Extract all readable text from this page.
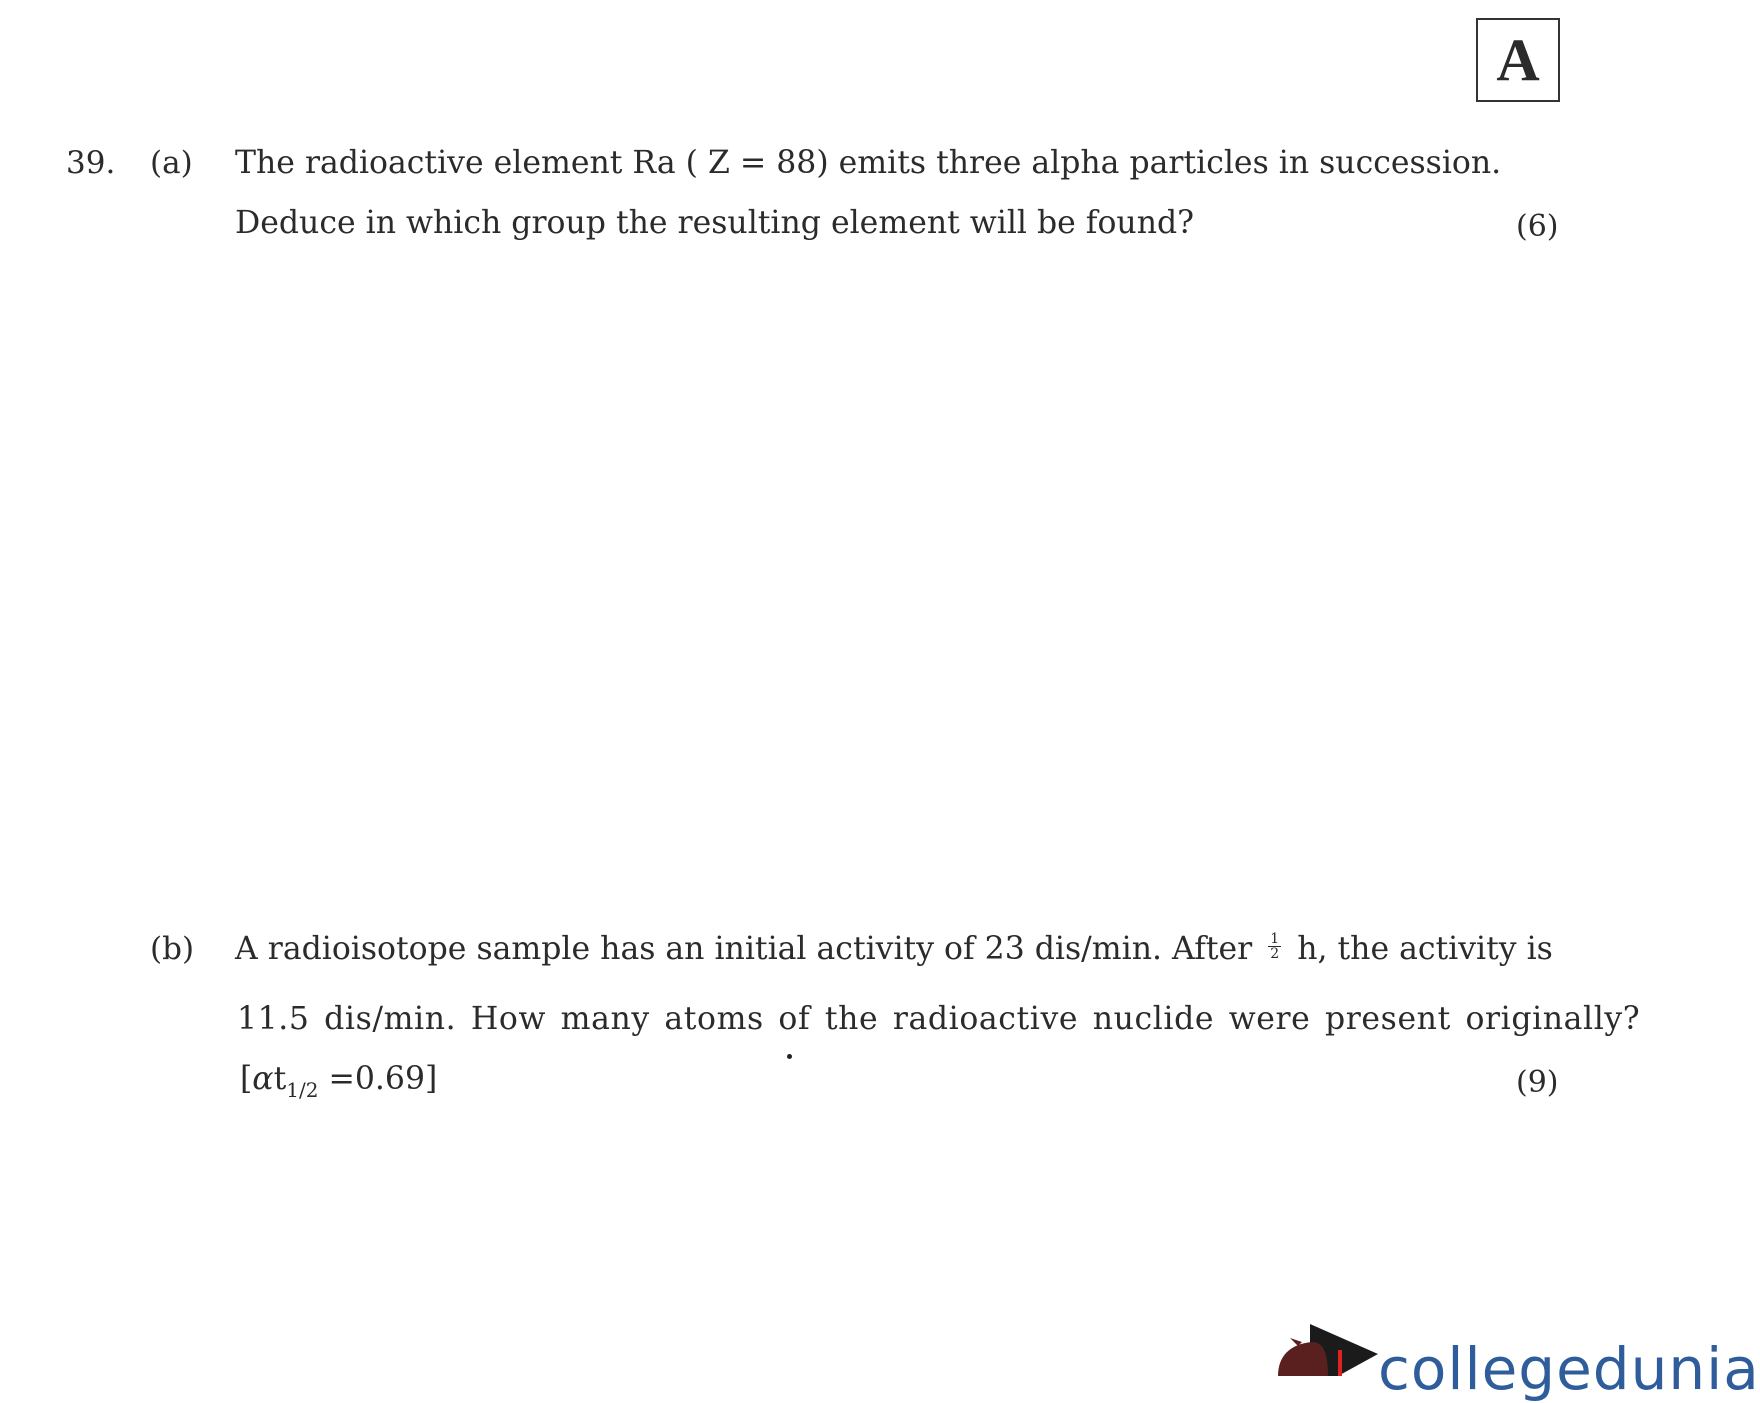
A
39. (a) The radioactive element Ra ( Z = 88) emits three alpha particles in succession.
Deduce in which group the resulting element will be found?	(6)
(b) A radioisotope sample has an initial activity of 23 dis/min. After $\frac{1}{2} h$, the activity is
11.5 dis/min. How many atoms of the radioactive nuclide were present originally?
$[\alpha t_{1/2} =0.69]$	(9)
collegedunia
